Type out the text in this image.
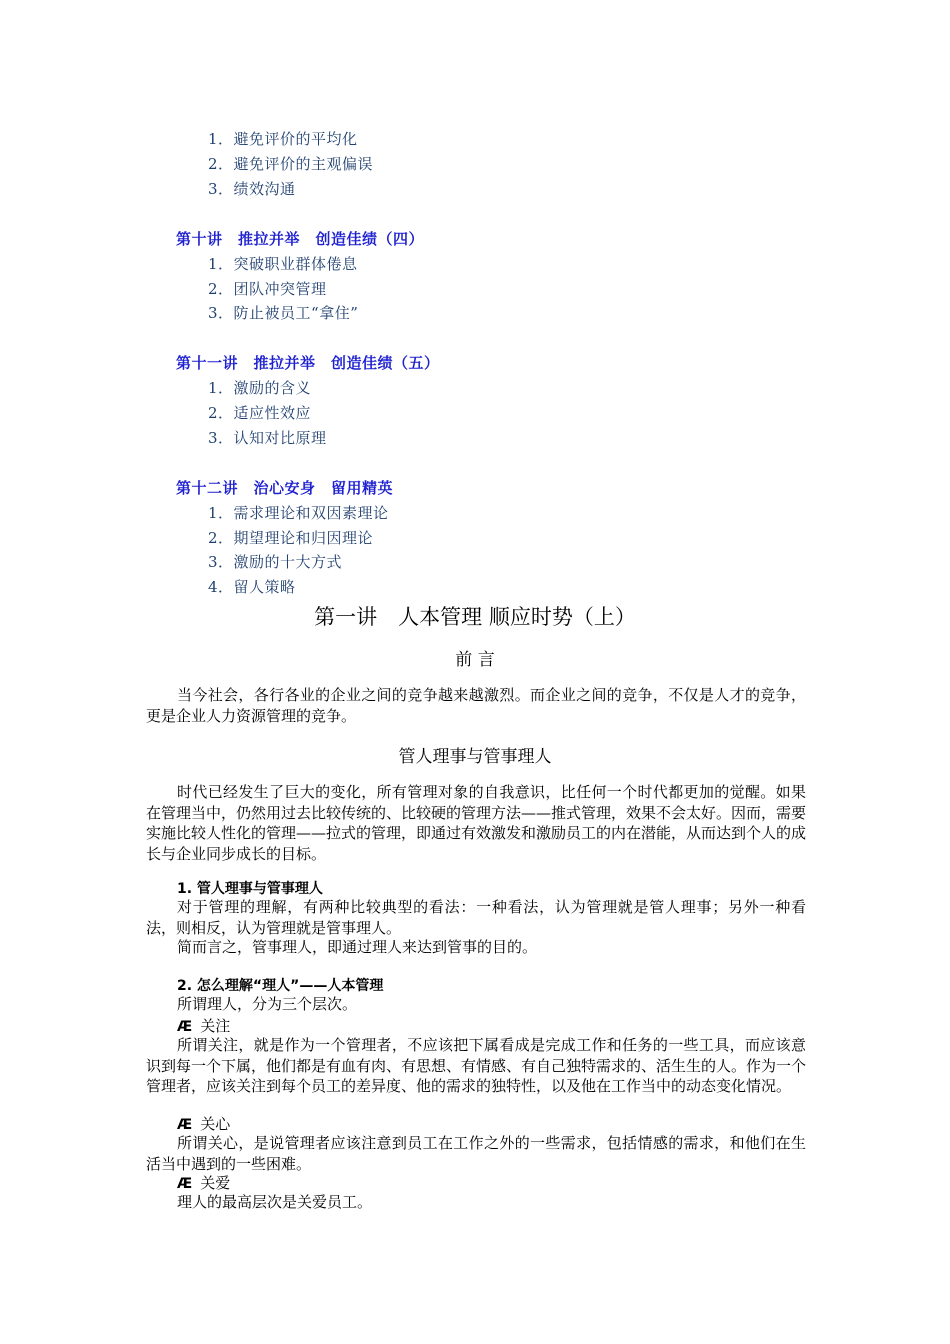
1．避免评价的平均化
2．避免评价的主观偏误
3．绩效沟通
第十讲　推拉并举　创造佳绩（四）
1．突破职业群体倦息
2．团队冲突管理
3．防止被员工“拿住”
第十一讲　推拉并举　创造佳绩（五）
1．激励的含义
2．适应性效应
3．认知对比原理
第十二讲　治心安身　留用精英
1．需求理论和双因素理论
2．期望理论和归因理论
3．激励的十大方式
4．留人策略
第一讲　人本管理 顺应时势（上）
前 言
当今社会，各行各业的企业之间的竞争越来越激烈。而企业之间的竞争，不仅是人才的竞争，更是企业人力资源管理的竞争。
管人理事与管事理人
时代已经发生了巨大的变化，所有管理对象的自我意识，比任何一个时代都更加的觉醒。如果在管理当中，仍然用过去比较传统的、比较硬的管理方法——推式管理，效果不会太好。因而，需要实施比较人性化的管理——拉式的管理，即通过有效激发和激励员工的内在潜能，从而达到个人的成长与企业同步成长的目标。
1. 管人理事与管事理人
对于管理的理解，有两种比较典型的看法：一种看法，认为管理就是管人理事；另外一种看法，则相反，认为管理就是管事理人。
简而言之，管事理人，即通过理人来达到管事的目的。
2. 怎么理解“理人”——人本管理
所谓理人，分为三个层次。
Æ 关注
所谓关注，就是作为一个管理者，不应该把下属看成是完成工作和任务的一些工具，而应该意识到每一个下属，他们都是有血有肉、有思想、有情感、有自己独特需求的、活生生的人。作为一个管理者，应该关注到每个员工的差异度、他的需求的独特性，以及他在工作当中的动态变化情况。
Æ 关心
所谓关心，是说管理者应该注意到员工在工作之外的一些需求，包括情感的需求，和他们在生活当中遇到的一些困难。
Æ 关爱
理人的最高层次是关爱员工。
